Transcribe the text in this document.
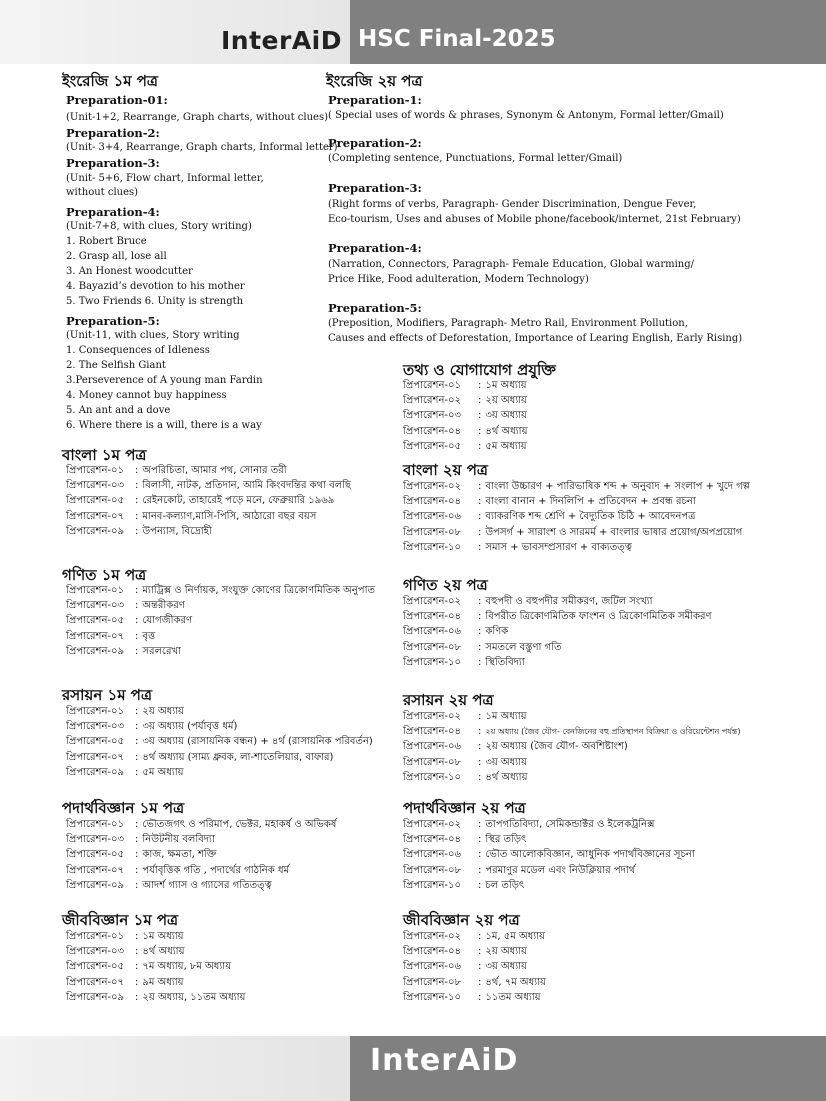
InterAiD HSC Final-2025
ইংরেজি ১ম পত্র
Preparation-01:
(Unit-1+2, Rearrange, Graph charts, without clues)
Preparation-2:
(Unit- 3+4, Rearrange, Graph charts, Informal letter)
Preparation-3:
(Unit- 5+6, Flow chart, Informal letter,
without clues)
Preparation-4:
(Unit-7+8, with clues, Story writing)
1. Robert Bruce
2. Grasp all, lose all
3. An Honest woodcutter
4. Bayazid’s devotion to his mother
5. Two Friends 6. Unity is strength
Preparation-5:
(Unit-11, with clues, Story writing
1. Consequences of Idleness
2. The Selfish Giant
3.Perseverence of A young man Fardin
4. Money cannot buy happiness
5. An ant and a dove
6. Where there is a will, there is a way
ইংরেজি ২য় পত্র
Preparation-1:
( Special uses of words & phrases, Synonym & Antonym, Formal letter/Gmail)
Preparation-2:
(Completing sentence, Punctuations, Formal letter/Gmail)
Preparation-3:
(Right forms of verbs, Paragraph- Gender Discrimination, Dengue Fever,
Eco-tourism, Uses and abuses of Mobile phone/facebook/internet, 21st February)
Preparation-4:
(Narration, Connectors, Paragraph- Female Education, Global warming/
Price Hike, Food adulteration, Modern Technology)
Preparation-5:
(Preposition, Modifiers, Paragraph- Metro Rail, Environment Pollution,
Causes and effects of Deforestation, Importance of Learing English, Early Rising)
তথ্য ও যোগাযোগ প্রযুক্তি
প্রিপারেশন-০১ : ১ম অধ্যায়
প্রিপারেশন-০২ : ২য় অধ্যায়
প্রিপারেশন-০৩ : ৩য় অধ্যায়
প্রিপারেশন-০৪ : ৪র্থ অধ্যায়
প্রিপারেশন-০৫ : ৫ম অধ্যায়
বাংলা ১ম পত্র
প্রিপারেশন-০১ : অপরিচিতা, আমার পথ, সোনার তরী
প্রিপারেশন-০৩ : বিলাসী, নাটক, প্রতিদান, আমি কিংবদন্তির কথা বলছি
প্রিপারেশন-০৫ : রেইনকোট, তাহারেই পড়ে মনে, ফেব্রুয়ারি ১৯৬৯
প্রিপারেশন-০৭ : মানব-কল্যাণ,মাসি-পিসি, আঠারো বছর বয়স
প্রিপারেশন-০৯ : উপন্যাস, বিদ্রোহী
বাংলা ২য় পত্র
প্রিপারেশন-০২ : বাংলা উচ্চারণ + পারিভাষিক শব্দ + অনুবাদ + সংলাপ + খুদে গল্প
প্রিপারেশন-০৪ : বাংলা বানান + দিনলিপি + প্রতিবেদন + প্রবন্ধ রচনা
প্রিপারেশন-০৬ : ব্যাকরণিক শব্দ শ্রেণি + বৈদ্যুতিক চিঠি + আবেদনপত্র
প্রিপারেশন-০৮ : উপসর্গ + সারাংশ ও সারমর্ম + বাংলার ভাষার প্রয়োগ/অপপ্রয়োগ
প্রিপারেশন-১০ : সমাস + ভাবসম্প্রসারণ + বাক্যতত্ত্ব
গণিত ১ম পত্র
প্রিপারেশন-০১ : ম্যাট্রিক্স ও নির্ণায়ক, সংযুক্ত কোণের ত্রিকোণমিতিক অনুপাত
প্রিপারেশন-০৩ : অন্তরীকরণ
প্রিপারেশন-০৫ : যোগজীকরণ
প্রিপারেশন-০৭ : বৃত্ত
প্রিপারেশন-০৯ : সরলরেখা
গণিত ২য় পত্র
প্রিপারেশন-০২ : বহুপদী ও বহুপদীর সমীকরণ, জটিল সংখ্যা
প্রিপারেশন-০৪ : বিপরীত ত্রিকোণমিতিক ফাংশন ও ত্রিকোণমিতিক সমীকরণ
প্রিপারেশন-০৬ : কণিক
প্রিপারেশন-০৮ : সমতলে বস্তুণা গতি
প্রিপারেশন-১০ : স্থিতিবিদ্যা
রসায়ন ১ম পত্র
প্রিপারেশন-০১ : ২য় অধ্যায়
প্রিপারেশন-০৩ : ৩য় অধ্যায় (পর্যাবৃত্ত ধর্ম)
প্রিপারেশন-০৫ : ৩য় অধ্যায় (রাসায়নিক বন্ধন) + ৪র্থ (রাসায়নিক পরিবর্তন)
প্রিপারেশন-০৭ : ৪র্থ অধ্যায় (সাম্য ধ্রুবক, লা-শাতেলিয়ার, বাফার)
প্রিপারেশন-০৯ : ৫ম অধ্যায়
রসায়ন ২য় পত্র
প্রিপারেশন-০২ : ১ম অধ্যায়
প্রিপারেশন-০৪ : ২য় অধ্যায় (জৈব যৌগ- বেনজিনের বহু প্রতিস্থাপন বিক্রিয়া ও ওরিয়েন্টেশন পর্যন্ত)
প্রিপারেশন-০৬ : ২য় অধ্যায় (জৈব যৌগ- অবশিষ্টাংশ)
প্রিপারেশন-০৮ : ৩য় অধ্যায়
প্রিপারেশন-১০ : ৪র্থ অধ্যায়
পদার্থবিজ্ঞান ১ম পত্র
প্রিপারেশন-০১ : ভৌতজগৎ ও পরিমাপ, ভেক্টর, মহাকর্ষ ও অভিকর্ষ
প্রিপারেশন-০৩ : নিউটনীয় বলবিদ্যা
প্রিপারেশন-০৫ : কাজ, ক্ষমতা, শক্তি
প্রিপারেশন-০৭ : পর্যাবৃত্তিক গতি , পদার্থের গাঠনিক ধর্ম
প্রিপারেশন-০৯ : আদর্শ গ্যাস ও গ্যাসের গতিতত্ত্ব
পদার্থবিজ্ঞান ২য় পত্র
প্রিপারেশন-০২ : তাপগতিবিদ্যা, সেমিকন্ডাক্টর ও ইলেকট্রনিক্স
প্রিপারেশন-০৪ : স্থির তড়িৎ
প্রিপারেশন-০৬ : ভৌত আলোকবিজ্ঞান, আধুনিক পদার্থবিজ্ঞানের সূচনা
প্রিপারেশন-০৮ : পরমাণুর মডেল এবং নিউক্লিয়ার পদার্থ
প্রিপারেশন-১০ : চল তড়িৎ
জীববিজ্ঞান ১ম পত্র
প্রিপারেশন-০১ : ১ম অধ্যায়
প্রিপারেশন-০৩ : ৪র্থ অধ্যায়
প্রিপারেশন-০৫ : ৭ম অধ্যায়, ৮ম অধ্যায়
প্রিপারেশন-০৭ : ৯ম অধ্যায়
প্রিপারেশন-০৯ : ২য় অধ্যায়, ১১তম অধ্যায়
জীববিজ্ঞান ২য় পত্র
প্রিপারেশন-০২ : ১ম, ৫ম অধ্যায়
প্রিপারেশন-০৪ : ২য় অধ্যায়
প্রিপারেশন-০৬ : ৩য় অধ্যায়
প্রিপারেশন-০৮ : ৪র্থ, ৭ম অধ্যায়
প্রিপারেশন-১০ : ১১তম অধ্যায়
InterAiD
